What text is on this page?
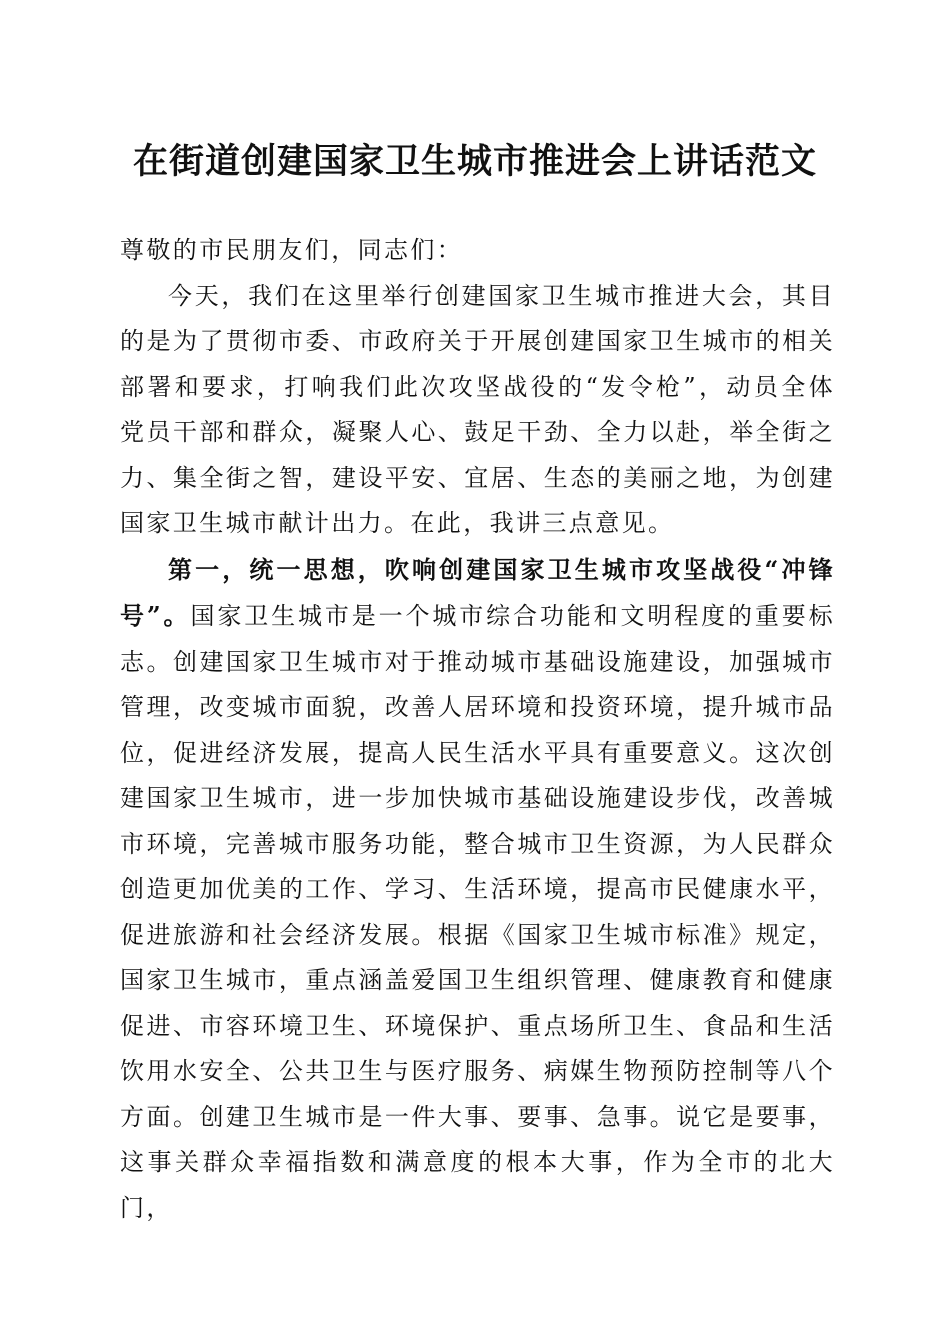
在街道创建国家卫生城市推进会上讲话范文

尊敬的市民朋友们，同志们：

今天，我们在这里举行创建国家卫生城市推进大会，其目的是为了贯彻市委、市政府关于开展创建国家卫生城市的相关部署和要求，打响我们此次攻坚战役的“发令枪”，动员全体党员干部和群众，凝聚人心、鼓足干劲、全力以赴，举全街之力、集全街之智，建设平安、宜居、生态的美丽之地，为创建国家卫生城市献计出力。在此，我讲三点意见。

第一，统一思想，吹响创建国家卫生城市攻坚战役“冲锋号”。国家卫生城市是一个城市综合功能和文明程度的重要标志。创建国家卫生城市对于推动城市基础设施建设，加强城市管理，改变城市面貌，改善人居环境和投资环境，提升城市品位，促进经济发展，提高人民生活水平具有重要意义。这次创建国家卫生城市，进一步加快城市基础设施建设步伐，改善城市环境，完善城市服务功能，整合城市卫生资源，为人民群众创造更加优美的工作、学习、生活环境，提高市民健康水平，促进旅游和社会经济发展。根据《国家卫生城市标准》规定，国家卫生城市，重点涵盖爱国卫生组织管理、健康教育和健康促进、市容环境卫生、环境保护、重点场所卫生、食品和生活饮用水安全、公共卫生与医疗服务、病媒生物预防控制等八个方面。创建卫生城市是一件大事、要事、急事。说它是要事，这事关群众幸福指数和满意度的根本大事，作为全市的北大门，
